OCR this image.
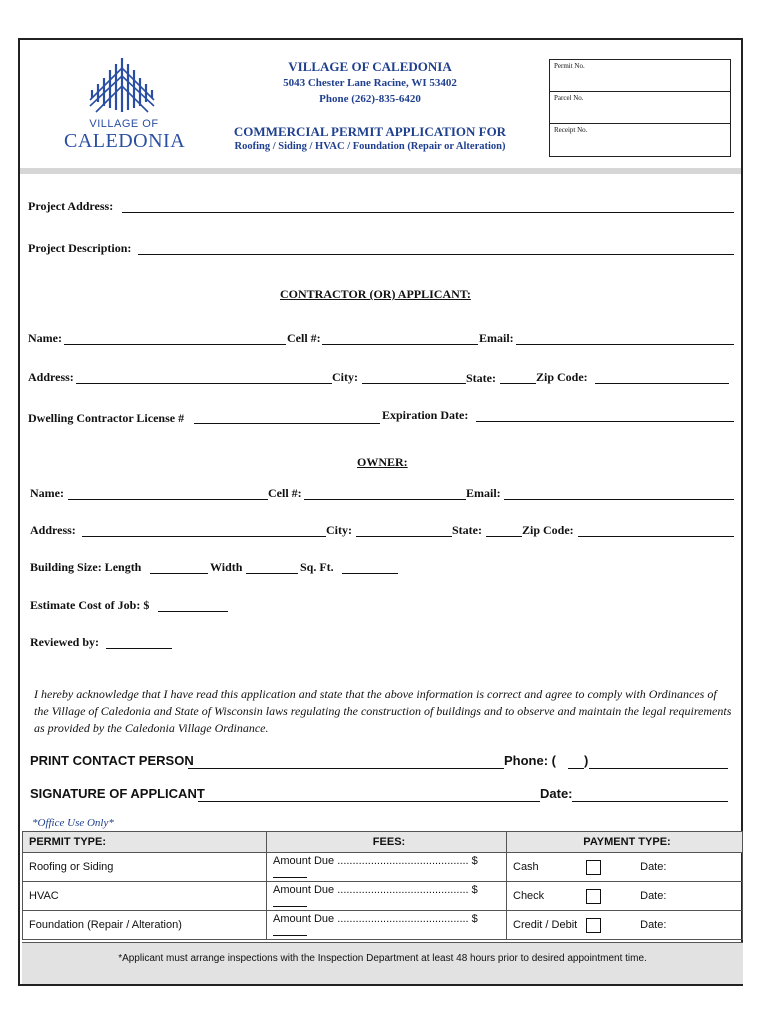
VILLAGE OF
CALEDONIA
VILLAGE OF CALEDONIA
5043 Chester Lane Racine, WI 53402
Phone (262)-835-6420
COMMERCIAL PERMIT APPLICATION FOR
Roofing / Siding / HVAC / Foundation (Repair or Alteration)
Permit No.
Parcel No.
Receipt No.
Project Address:
Project Description:
CONTRACTOR (OR) APPLICANT:
Name:	Cell #:	Email:
Address:	City:	State:	Zip Code:
Dwelling Contractor License #	Expiration Date:
OWNER:
Name:	Cell #:	Email:
Address:	City:	State:	Zip Code:
Building Size: Length	Width	Sq. Ft.
Estimate Cost of Job: $
Reviewed by:
I hereby acknowledge that I have read this application and state that the above information is correct and agree to comply with Ordinances of the Village of Caledonia and State of Wisconsin laws regulating the construction of buildings and to observe and maintain the legal requirements as provided by the Caledonia Village Ordinance.
PRINT CONTACT PERSON	Phone: ( )
SIGNATURE OF APPLICANT	Date:
*Office Use Only*
PERMIT TYPE:	FEES:	PAYMENT TYPE:
Roofing or Siding	Amount Due ........................................... $	Cash Date:
HVAC	Amount Due ........................................... $	Check Date:
Foundation (Repair / Alteration)	Amount Due ........................................... $	Credit / Debit Date:
*Applicant must arrange inspections with the Inspection Department at least 48 hours prior to desired appointment time.
